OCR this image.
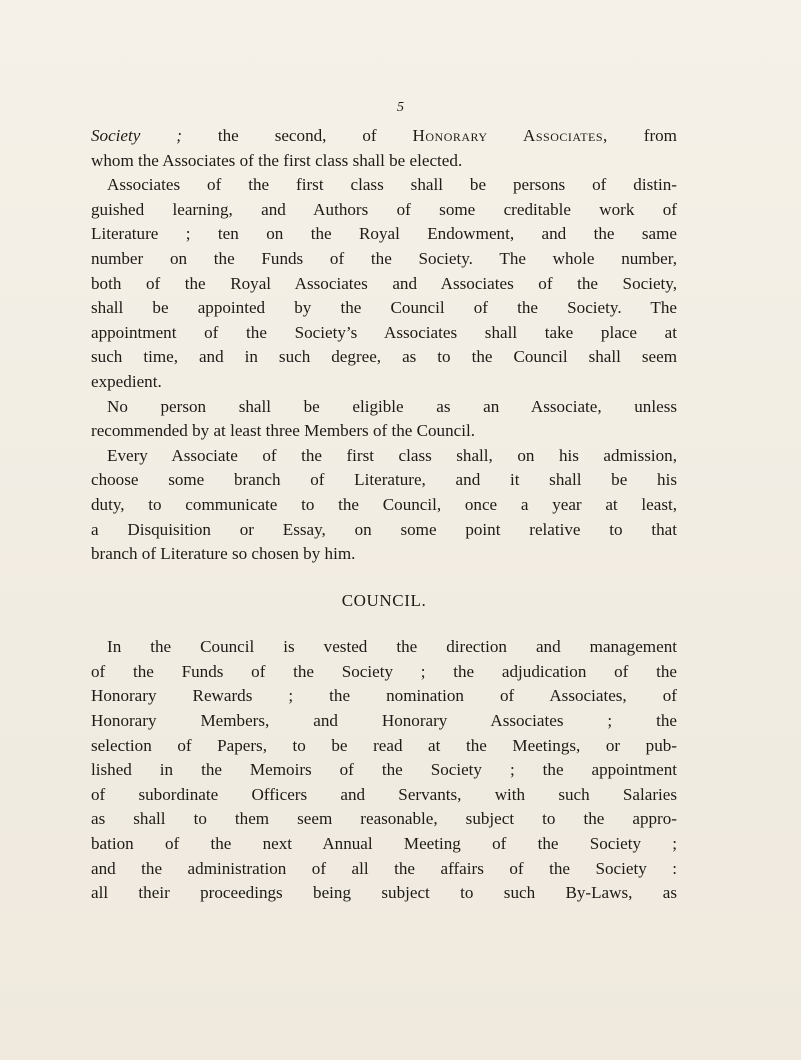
5
Society ; the second, of Honorary Associates, from
whom the Associates of the first class shall be elected.
Associates of the first class shall be persons of distin-
guished learning, and Authors of some creditable work of
Literature ; ten on the Royal Endowment, and the same
number on the Funds of the Society. The whole number,
both of the Royal Associates and Associates of the Society,
shall be appointed by the Council of the Society. The
appointment of the Society’s Associates shall take place at
such time, and in such degree, as to the Council shall seem
expedient.
No person shall be eligible as an Associate, unless
recommended by at least three Members of the Council.
Every Associate of the first class shall, on his admission,
choose some branch of Literature, and it shall be his
duty, to communicate to the Council, once a year at least,
a Disquisition or Essay, on some point relative to that
branch of Literature so chosen by him.
COUNCIL.
In the Council is vested the direction and management
of the Funds of the Society ; the adjudication of the
Honorary Rewards ; the nomination of Associates, of
Honorary Members, and Honorary Associates ; the
selection of Papers, to be read at the Meetings, or pub-
lished in the Memoirs of the Society ; the appointment
of subordinate Officers and Servants, with such Salaries
as shall to them seem reasonable, subject to the appro-
bation of the next Annual Meeting of the Society ;
and the administration of all the affairs of the Society :
all their proceedings being subject to such By-Laws, as
